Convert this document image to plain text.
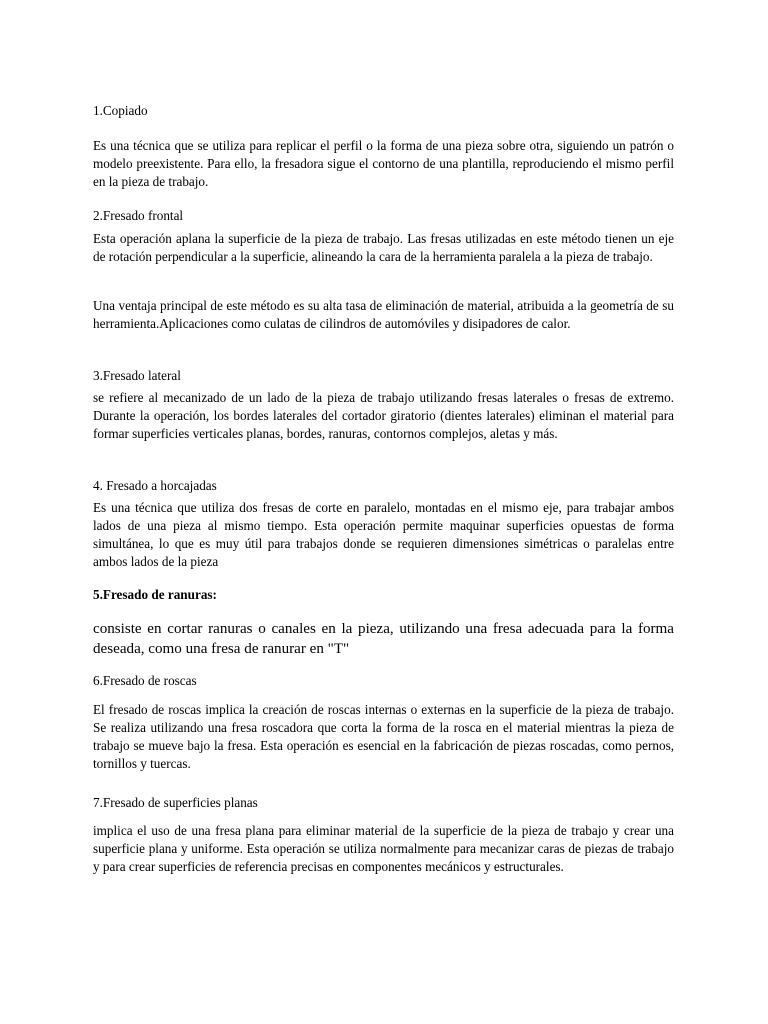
1.Copiado

Es una técnica que se utiliza para replicar el perfil o la forma de una pieza sobre otra, siguiendo un patrón o modelo preexistente. Para ello, la fresadora sigue el contorno de una plantilla, reproduciendo el mismo perfil en la pieza de trabajo.

2.Fresado frontal

Esta operación aplana la superficie de la pieza de trabajo. Las fresas utilizadas en este método tienen un eje de rotación perpendicular a la superficie, alineando la cara de la herramienta paralela a la pieza de trabajo.

Una ventaja principal de este método es su alta tasa de eliminación de material, atribuida a la geometría de su herramienta.Aplicaciones como culatas de cilindros de automóviles y disipadores de calor.

3.Fresado lateral

se refiere al mecanizado de un lado de la pieza de trabajo utilizando fresas laterales o fresas de extremo. Durante la operación, los bordes laterales del cortador giratorio (dientes laterales) eliminan el material para formar superficies verticales planas, bordes, ranuras, contornos complejos, aletas y más.

4. Fresado a horcajadas

Es una técnica que utiliza dos fresas de corte en paralelo, montadas en el mismo eje, para trabajar ambos lados de una pieza al mismo tiempo. Esta operación permite maquinar superficies opuestas de forma simultánea, lo que es muy útil para trabajos donde se requieren dimensiones simétricas o paralelas entre ambos lados de la pieza

5.Fresado de ranuras:

consiste en cortar ranuras o canales en la pieza, utilizando una fresa adecuada para la forma deseada, como una fresa de ranurar en "T"

6.Fresado de roscas

El fresado de roscas implica la creación de roscas internas o externas en la superficie de la pieza de trabajo. Se realiza utilizando una fresa roscadora que corta la forma de la rosca en el material mientras la pieza de trabajo se mueve bajo la fresa. Esta operación es esencial en la fabricación de piezas roscadas, como pernos, tornillos y tuercas.

7.Fresado de superficies planas

implica el uso de una fresa plana para eliminar material de la superficie de la pieza de trabajo y crear una superficie plana y uniforme. Esta operación se utiliza normalmente para mecanizar caras de piezas de trabajo y para crear superficies de referencia precisas en componentes mecánicos y estructurales.
